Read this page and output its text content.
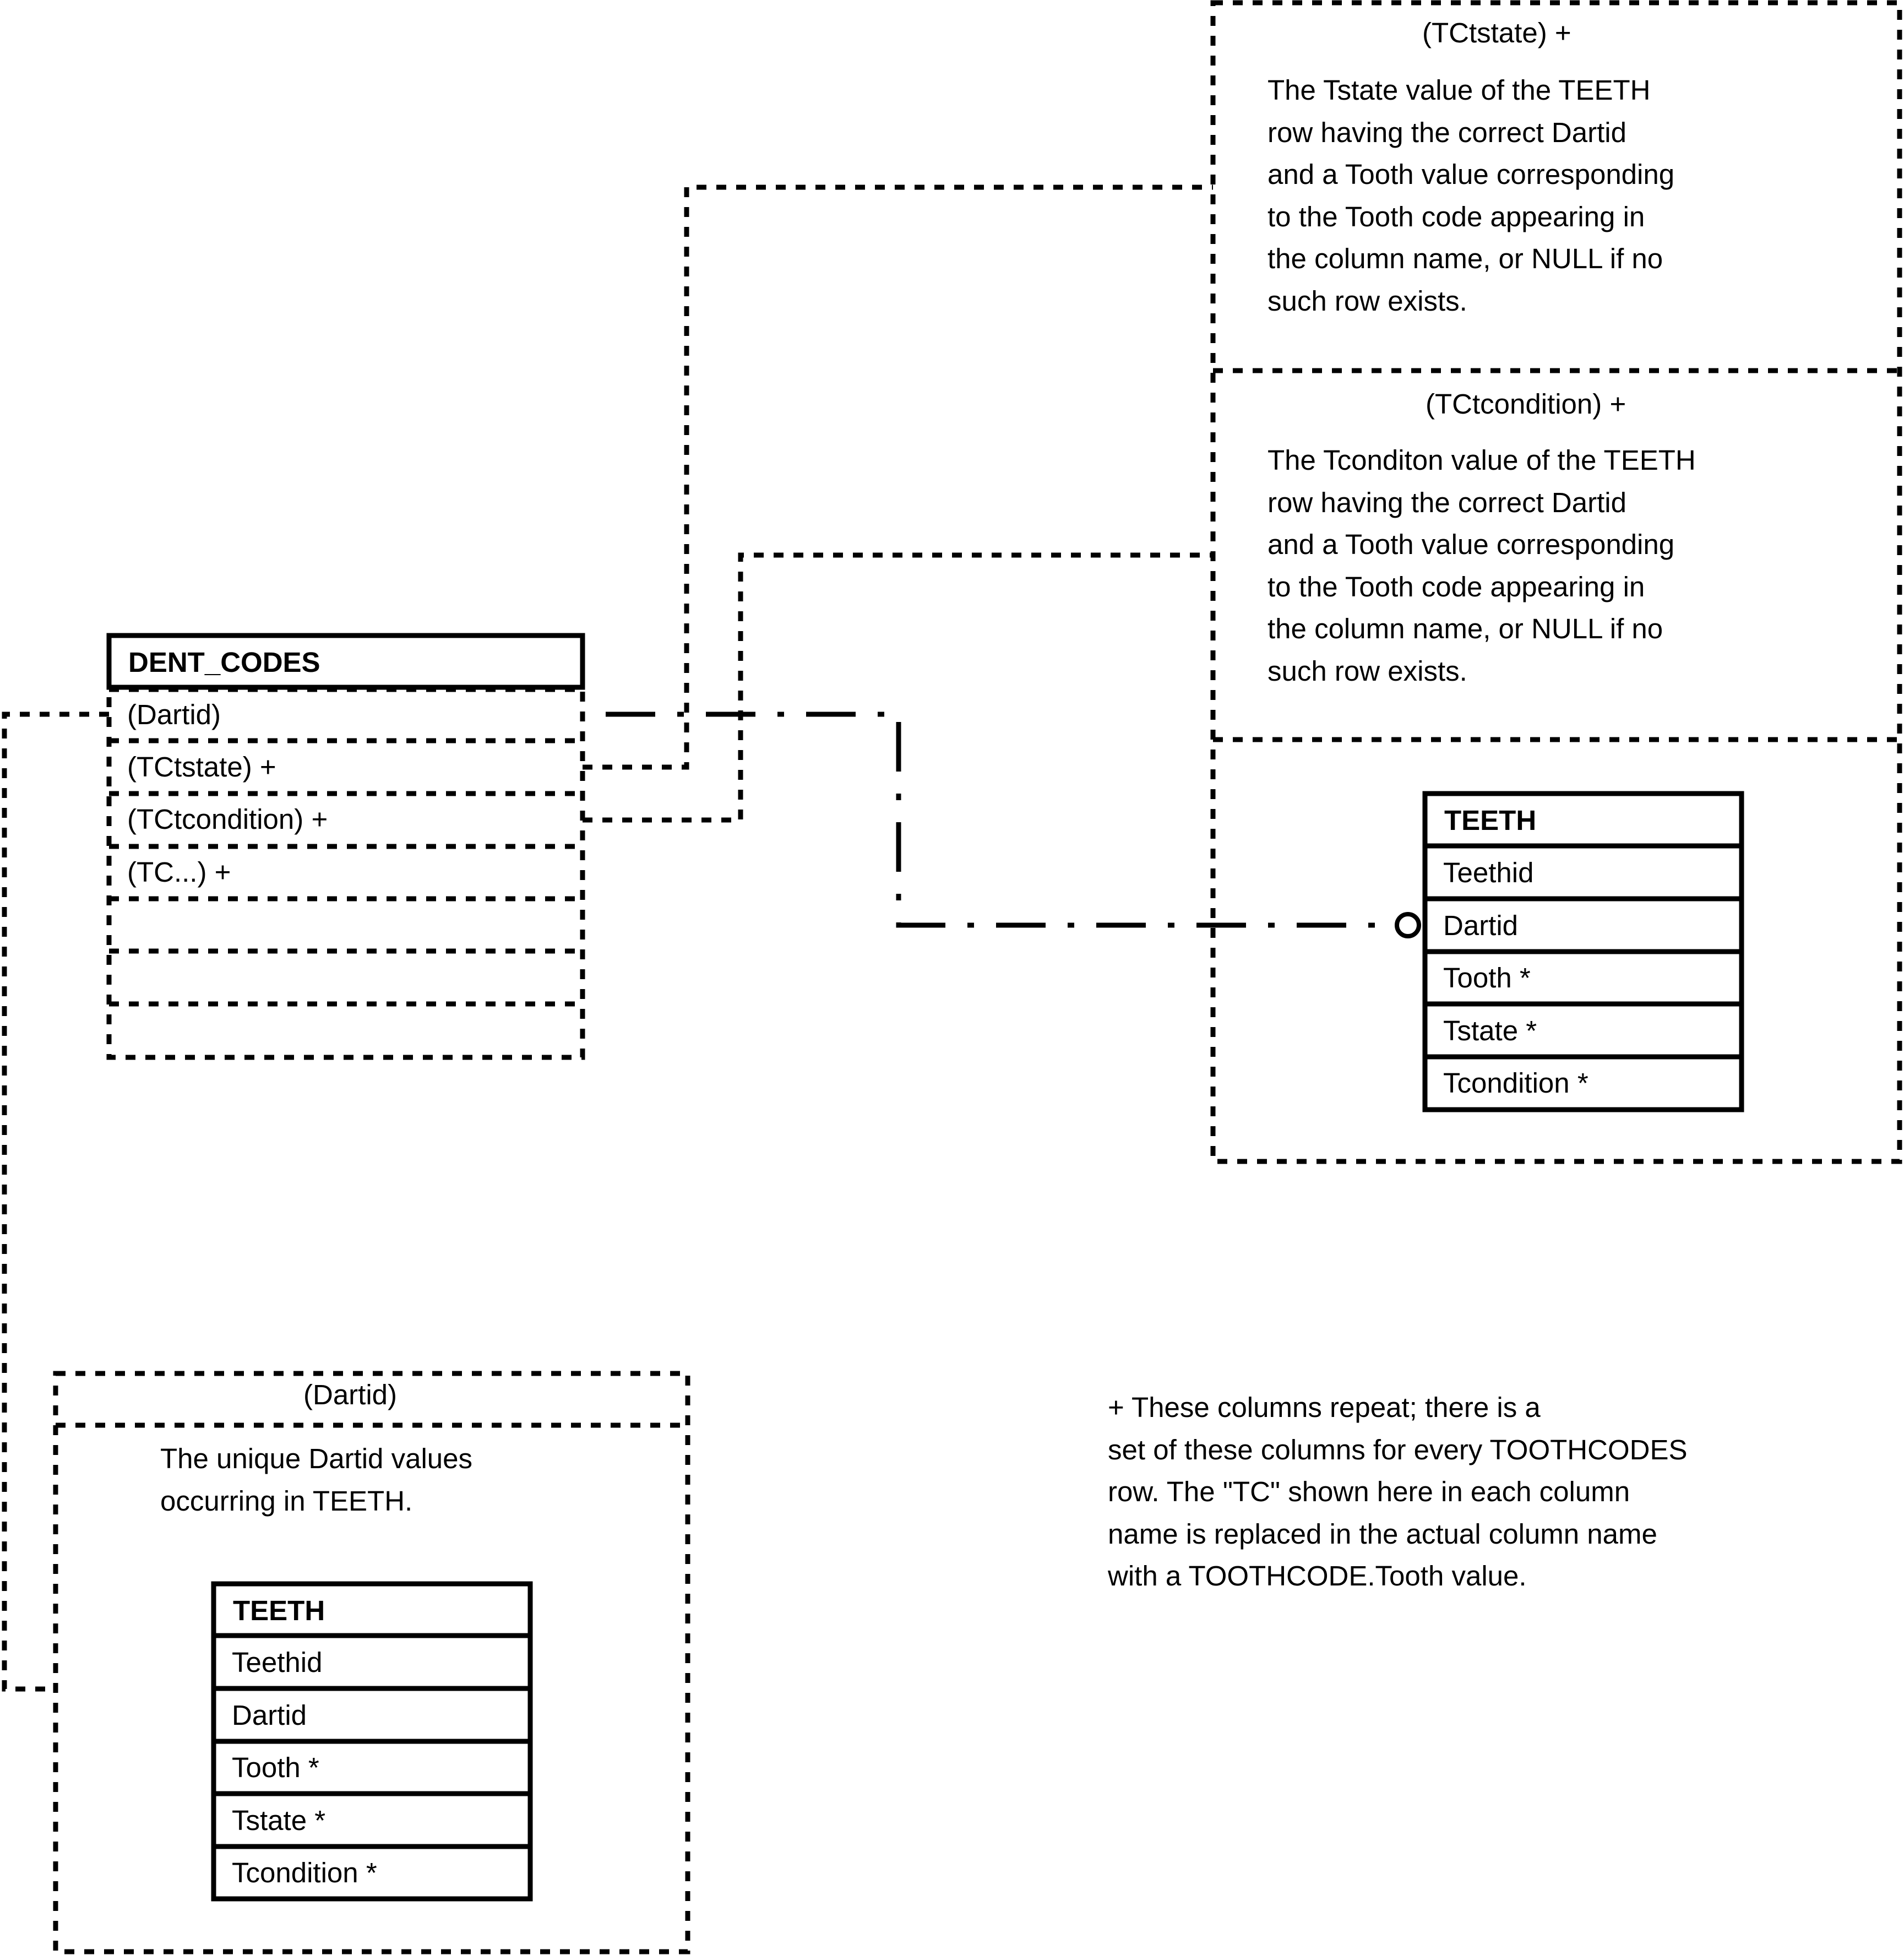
DENT_CODES
(Dartid)
(TCtstate) +
(TCtcondition) +
(TC...) +
(TCtstate) +
The Tstate value of the TEETH
row having the correct Dartid
and a Tooth value corresponding
to the Tooth code appearing in
the column name, or NULL if no
such row exists.
(TCtcondition) +
The Tconditon value of the TEETH
row having the correct Dartid
and a Tooth value corresponding
to the Tooth code appearing in
the column name, or NULL if no
such row exists.
TEETH
Teethid
Dartid
Tooth *
Tstate *
Tcondition *
(Dartid)
The unique Dartid values
occurring in TEETH.
TEETH
Teethid
Dartid
Tooth *
Tstate *
Tcondition *
+ These columns repeat; there is a
set of these columns for every TOOTHCODES
row. The "TC" shown here in each column
name is replaced in the actual column name
with a TOOTHCODE.Tooth value.
